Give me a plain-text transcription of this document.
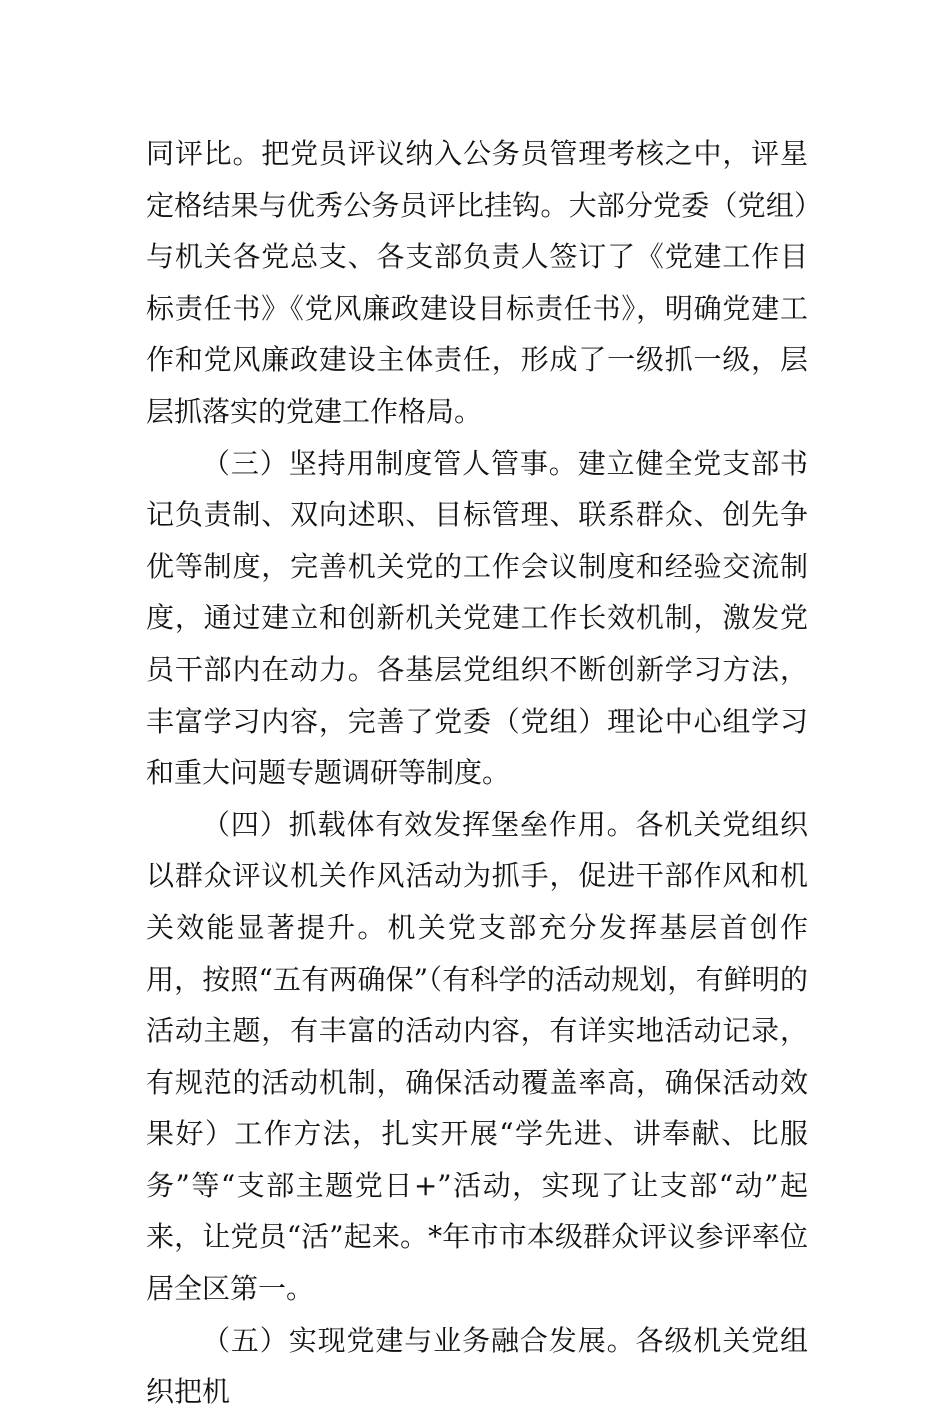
同评比。把党员评议纳入公务员管理考核之中，评星定格结果与优秀公务员评比挂钩。大部分党委（党组）与机关各党总支、各支部负责人签订了《党建工作目标责任书》《党风廉政建设目标责任书》，明确党建工作和党风廉政建设主体责任，形成了一级抓一级，层层抓落实的党建工作格局。

（三）坚持用制度管人管事。建立健全党支部书记负责制、双向述职、目标管理、联系群众、创先争优等制度，完善机关党的工作会议制度和经验交流制度，通过建立和创新机关党建工作长效机制，激发党员干部内在动力。各基层党组织不断创新学习方法，丰富学习内容，完善了党委（党组）理论中心组学习和重大问题专题调研等制度。

（四）抓载体有效发挥堡垒作用。各机关党组织以群众评议机关作风活动为抓手，促进干部作风和机关效能显著提升。机关党支部充分发挥基层首创作用，按照“五有两确保”（有科学的活动规划，有鲜明的活动主题，有丰富的活动内容，有详实地活动记录，有规范的活动机制，确保活动覆盖率高，确保活动效果好）工作方法，扎实开展“学先进、讲奉献、比服务”等“支部主题党日+”活动，实现了让支部“动”起来，让党员“活”起来。*年市市本级群众评议参评率位居全区第一。

（五）实现党建与业务融合发展。各级机关党组织把机
